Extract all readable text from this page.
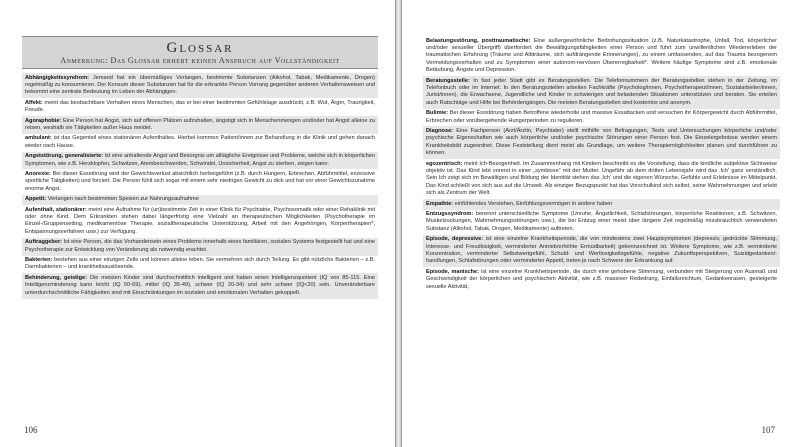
Glossar
Anmerkung: Das Glossar erhebt keinen Anspruch auf Vollständigkeit
Abhängigkeitssyndrom: Jemand hat ein übermäßiges Verlangen, bestimmte Substanzen (Alkohol, Tabak, Medikamente, Drogen) regelmäßig zu konsumieren. Der Konsum dieser Substanzen hat für die erkrankte Person Vorrang gegenüber anderen Verhaltensweisen und bekommt eine zentrale Bedeutung im Leben der Abhängigen.
Affekt: meint das beobachtbare Verhalten eines Menschen, das er bei einer bestimmten Gefühlslage ausdrückt, z.B. Wut, Ärger, Traurigkeit, Freude.
Agoraphobie: Eine Person hat Angst, sich auf offenen Plätzen aufzuhalten, ängstigt sich in Menschenmengen und/oder hat Angst alleine zu reisen, weshalb sie Tätigkeiten außer Haus meidet.
ambulant: ist das Gegenteil eines stationären Aufenthaltes. Hierbei kommen Patient/innen zur Behandlung in die Klinik und gehen danach wieder nach Hause.
Angststörung, generalisierte: ist eine anhaltende Angst und Besorgnis um alltägliche Ereignisse und Probleme, welche sich in körperlichen Symptomen, wie z.B. Herzklopfen, Schwitzen, Atembeschwerden, Schwindel, Unsicherheit, Angst zu sterben, zeigen kann.
Anorexie: Bei dieser Essstörung wird der Gewichtsverlust absichtlich herbeigeführt (z.B. durch Hungern, Erbrechen, Abführmittel, exzessive sportliche Tätigkeiten) und forciert. Die Person fühlt sich sogar mit einem sehr niedrigen Gewicht zu dick und hat vor einer Gewichtszunahme enorme Angst.
Appetit: Verlangen nach bestimmten Speisen zur Nahrungsaufnahme
Aufenthalt, stationärer: meint eine Aufnahme für (un)bestimmte Zeit in einer Klinik für Psychiatrie, Psychosomatik oder einer Rehaklinik mit oder ohne Kind. Dem Erkrankten stehen dabei längerfristig eine Vielzahl an therapeutischen Möglichkeiten (Psychotherapie im Einzel-/Gruppensetting, medikamentöse Therapie, sozialtherapeutische Unterstützung, Arbeit mit den Angehörigen, Körpertherapien*, Entspannungsverfahren usw.) zur Verfügung.
Auftraggeber: Ist eine Person, die das Vorhandensein eines Problems innerhalb eines familiären, sozialen Systems festgestellt hat und eine Psychotherapie zur Entwicklung von Veränderung als notwendig erachtet.
Bakterien: bestehen aus einer einzigen Zelle und können alleine leben. Sie vermehren sich durch Teilung. Es gibt nützliche Bakterien – z.B. Darmbakterien – und krankheitsauslösende.
Behinderung, geistige: Die meisten Kinder sind durchschnittlich intelligent und haben einen Intelligenzquotient (IQ von 85-115. Eine Intelligenzminderung kann leicht (IQ 50-69), mittel (IQ 35-49), schwer (IQ 20-34) und sehr schwer (IQ<20) sein. Unveränderbare unterdurchschnittliche Fähigkeiten sind mit Einschränkungen im sozialen und emotionalen Verhalten gekoppelt.
106
Belastungsstörung, posttraumatische: Eine außergewöhnliche Bedrohungssituation (z.B. Naturkatastrophe, Unfall, Tod, körperlicher und/oder sexueller Übergriff) überfordert die Bewältigungsfähigkeiten einer Person und führt zum unwillentlichen Wiedererleben der traumatischen Erfahrung (Träume und Albträume, sich aufdrängende Erinnerungen), zu einem umfassenden, auf das Trauma bezogenem Vermeidungsverhalten und zu Symptomen einer autonom-nervösen Übererregbarkeit*. Weitere häufige Symptome sind z.B. emotionale Betäubung, Ängste und Depression.
Beratungsstelle: In fast jeder Stadt gibt es Beratungsstellen. Die Telefonnummern der Beratungsstellen stehen in der Zeitung, im Telefonbuch oder im Internet. In den Beratungsstellen arbeiten Fachkräfte (Psycholog/innen, Psychotherapeut/innen, Sozialarbeiter/innen, Jurist/innen), die Erwachsene, Jugendliche und Kinder in schwierigen und belastenden Situationen unterstützen und beraten. Sie erteilen auch Ratschläge und Hilfe bei Behördengängen. Die meisten Beratungsstellen sind kostenlos und anonym.
Bulimie: Bei dieser Essstörung haben Betroffene wiederholte und massive Essattacken und versuchen ihr Körpergewicht durch Abführmittel, Erbrechen oder vorübergehende Hungerperioden zu regulieren.
Diagnose: Eine Fachperson (Arzt/Ärztin, Psychiater) stellt mithilfe von Befragungen, Tests und Untersuchungen körperliche und/oder psychische Eigenschaften wie auch körperliche und/oder psychische Störungen einer Person fest. Die Einzelergebnisse werden einem Krankheitsbild zugeordnet. Diese Feststellung dient meist als Grundlage, um weitere Therapiemöglichkeiten planen und durchführen zu können.
egozentrisch: meint Ich-Bezogenheit. Im Zusammenhang mit Kindern beschreibt es die Vorstellung, dass die kindliche subjektive Sichtweise objektiv ist. Das Kind lebt vorerst in einer „symbiose“ mit der Mutter. Ungefähr ab dem dritten Lebensjahr wird das ‚Ich‘ ganz verständlich. Sein Ich zeigt sich im Bewältigen und Bildung der Identität stehen das ‚Ich‘ und die eigenen Wünsche, Gefühle und Erlebnisse im Mittelpunkt. Das Kind schließt von sich aus auf die Umwelt. Als einziger Bezugspunkt hat das Vorschulkind sich selbst, seine Wahrnehmungen und erlebt sich als Zentrum der Welt.
Empathie: einfühlendes Verstehen, Einfühlungsvermögen in andere haben
Entzugssyndrom: benennt unterschiedliche Symptome (Unruhe, Ängstlichkeit, Schlafstörungen, körperliche Reaktionen, z.B. Schwitzen, Muskelzuckungen, Wahrnehmungsstörungen usw.), die bei Entzug einer meist über längere Zeit regelmäßig missbräuchlich verwendeten Substanz (Alkohol, Tabak, Drogen, Medikamente) auftreten.
Episode, depressive: ist eine einzelne Krankheitsperiode, die von mindestens zwei Hauptsymptomen (depressiv, gedrückte Stimmung, Interesse- und Freudlosigkeit, verminderter Antrieb/erhöhte Ermüdbarkeit) gekennzeichnet ist. Weitere Symptome, wie z.B. verminderte Konzentration, verminderter Selbstwertgefühl, Schuld- und Wertlosigkeitsgefühle, negative Zukunftsperspektiven, Suizidgedanken/-handlungen, Schlafstörungen oder verminderter Appetit, treten je nach Schwere der Erkrankung auf.
Episode, manische: ist eine einzelne Krankheitsperiode, die durch eine gehobene Stimmung, verbunden mit Steigerung von Ausmaß und Geschwindigkeit der körperlichen und psychischen Aktivität, wie z.B. massiver Rededrang, Einfallsreichtum, Gedankenrasen, gesteigerte sexuelle Aktivität,
107
